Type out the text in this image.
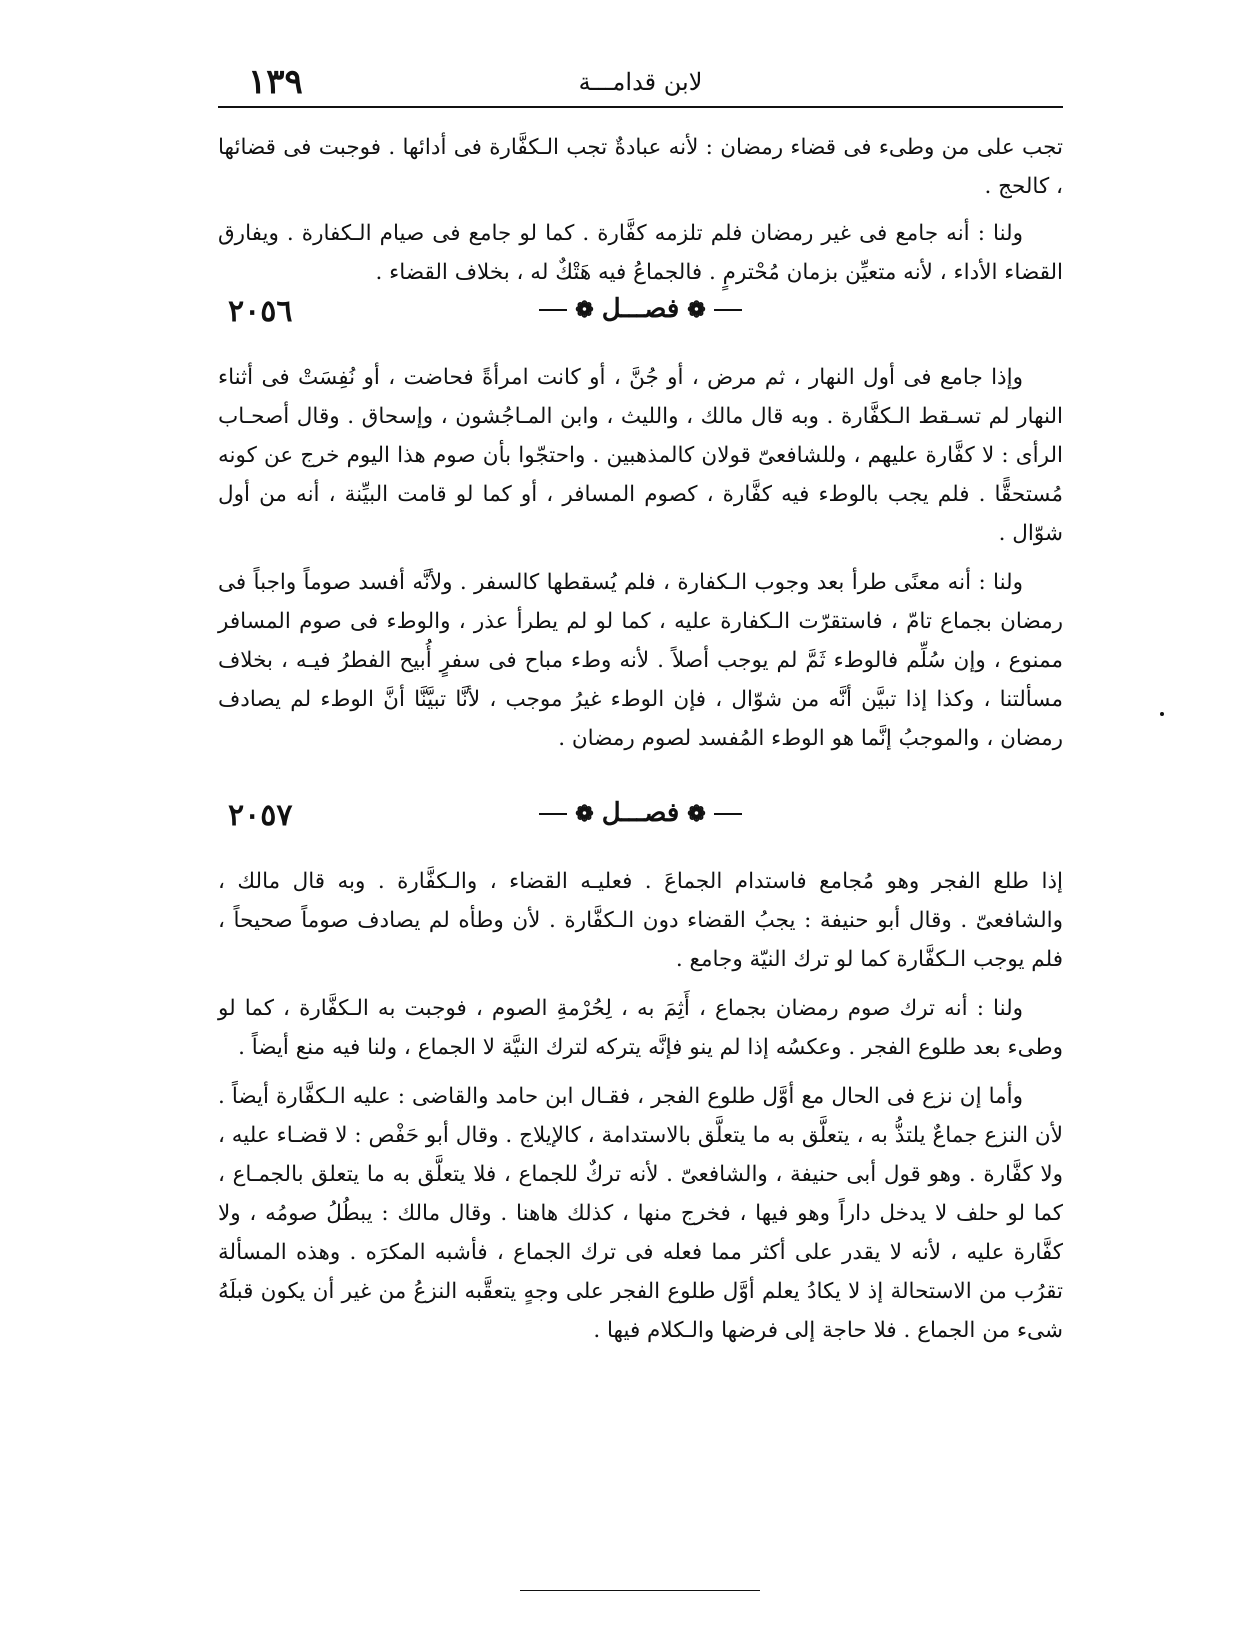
١٣٩	لابن قدامـــة

تجب على من وطىء فى قضاء رمضان : لأنه عبادةٌ تجب الـكفَّارة فى أدائها . فوجبت فى قضائها ، كالحج .

ولنا : أنه جامع فى غير رمضان فلم تلزمه كفَّارة . كما لو جامع فى صيام الـكفارة . ويفارق القضاء الأداء ، لأنه متعيِّن بزمان مُحْترمٍ . فالجماعُ فيه هَتْكٌ له ، بخلاف القضاء .

٢٠٥٦	❁فصـــل❁

وإذا جامع فى أول النهار ، ثم مرض ، أو جُنَّ ، أو كانت امرأةً فحاضت ، أو نُفِسَتْ فى أثناء النهار لم تسـقط الـكفَّارة . وبه قال مالك ، والليث ، وابن المـاجُشون ، وإسحاق . وقال أصحـاب الرأى : لا كفَّارة عليهم ، وللشافعىّ قولان كالمذهبين . واحتجّوا بأن صوم هذا اليوم خرج عن كونه مُستحقًّا . فلم يجب بالوطء فيه كفَّارة ، كصوم المسافر ، أو كما لو قامت البيِّنة ، أنه من أول شوّال .

ولنا : أنه معنًى طرأ بعد وجوب الـكفارة ، فلم يُسقطها كالسفر . ولأنَّه أفسد صوماً واجباً فى رمضان بجماع تامّ ، فاستقرّت الـكفارة عليه ، كما لو لم يطرأ عذر ، والوطء فى صوم المسافر ممنوع ، وإن سُلِّم فالوطء ثَمَّ لم يوجب أصلاً . لأنه وطء مباح فى سفرٍ أُبيح الفطرُ فيـه ، بخلاف مسألتنا ، وكذا إذا تبيَّن أنَّه من شوّال ، فإن الوطء غيرُ موجب ، لأنَّا تبيَّنَّا أنَّ الوطء لم يصادف رمضان ، والموجبُ إنَّما هو الوطء المُفسد لصوم رمضان .

٢٠٥٧	❁فصـــل❁

إذا طلع الفجر وهو مُجامع فاستدام الجماعَ . فعليـه القضاء ، والـكفَّارة . وبه قال مالك ، والشافعىّ . وقال أبو حنيفة : يجبُ القضاء دون الـكفَّارة . لأن وطأه لم يصادف صوماً صحيحاً ، فلم يوجب الـكفَّارة كما لو ترك النيّة وجامع .

ولنا : أنه ترك صوم رمضان بجماع ، أَثِمَ به ، لِحُرْمةِ الصوم ، فوجبت به الـكفَّارة ، كما لو وطىء بعد طلوع الفجر . وعكسُه إذا لم ينو فإنَّه يتركه لترك النيَّة لا الجماع ، ولنا فيه منع أيضاً .

وأما إن نزع فى الحال مع أوَّل طلوع الفجر ، فقـال ابن حامد والقاضى : عليه الـكفَّارة أيضاً . لأن النزع جماعٌ يلتذُّ به ، يتعلَّق به ما يتعلَّق بالاستدامة ، كالإيلاج . وقال أبو حَفْص : لا قضـاء عليه ، ولا كفَّارة . وهو قول أبى حنيفة ، والشافعىّ . لأنه تركٌ للجماع ، فلا يتعلَّق به ما يتعلق بالجمـاع ، كما لو حلف لا يدخل داراً وهو فيها ، فخرج منها ، كذلك هاهنا . وقال مالك : يبطُلُ صومُه ، ولا كفَّارة عليه ، لأنه لا يقدر على أكثر مما فعله فى ترك الجماع ، فأشبه المكرَه . وهذه المسألة تقرُب من الاستحالة إذ لا يكادُ يعلم أوَّل طلوع الفجر على وجهٍ يتعقَّبه النزعُ من غير أن يكون قبلَهُ شىء من الجماع . فلا حاجة إلى فرضها والـكلام فيها .
